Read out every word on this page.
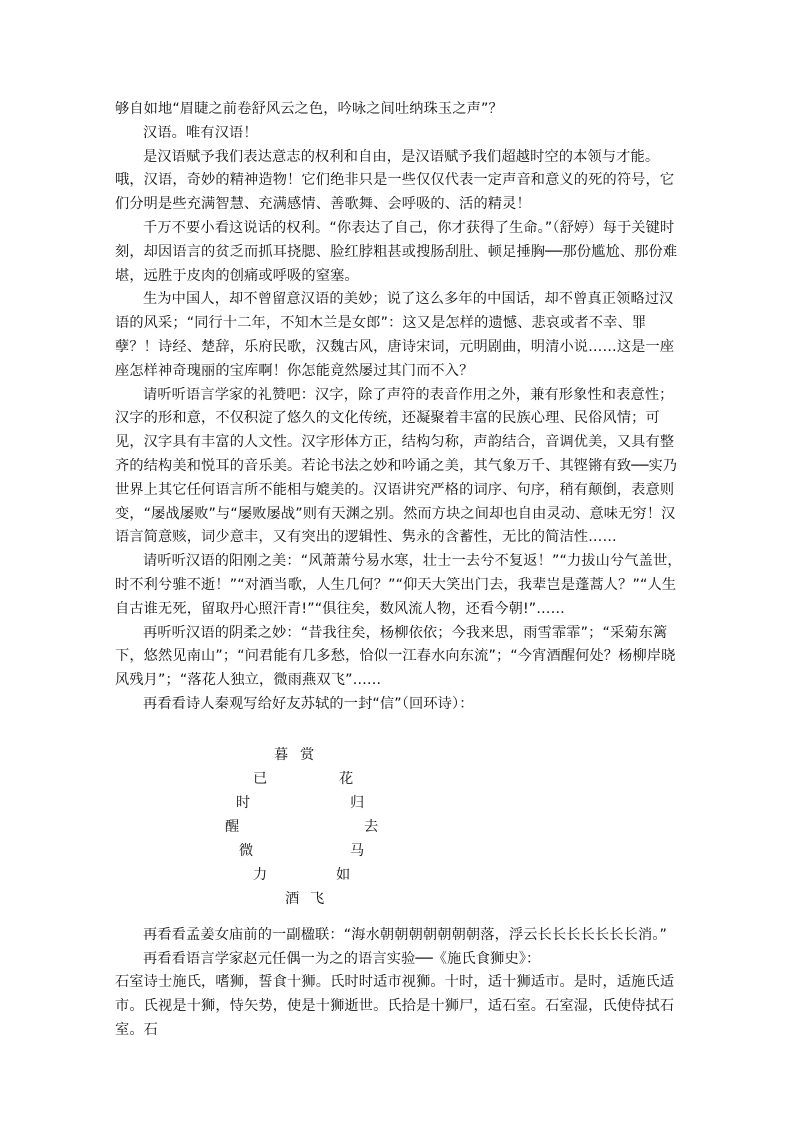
够自如地“眉睫之前卷舒风云之色，吟咏之间吐纳珠玉之声”？

汉语。唯有汉语！

是汉语赋予我们表达意志的权利和自由，是汉语赋予我们超越时空的本领与才能。

哦，汉语，奇妙的精神造物！它们绝非只是一些仅仅代表一定声音和意义的死的符号，它们分明是些充满智慧、充满感情、善歌舞、会呼吸的、活的精灵！

千万不要小看这说话的权利。“你表达了自己，你才获得了生命。”（舒婷）每于关键时刻，却因语言的贫乏而抓耳挠腮、脸红脖粗甚或搜肠刮肚、顿足捶胸──那份尴尬、那份难堪，远胜于皮肉的创痛或呼吸的窒塞。

生为中国人，却不曾留意汉语的美妙；说了这么多年的中国话，却不曾真正领略过汉语的风采；“同行十二年，不知木兰是女郎”：这又是怎样的遗憾、悲哀或者不幸、罪孽？！诗经、楚辞，乐府民歌，汉魏古风，唐诗宋词，元明剧曲，明清小说……这是一座座怎样神奇瑰丽的宝库啊！你怎能竟然屡过其门而不入？

请听听语言学家的礼赞吧：汉字，除了声符的表音作用之外，兼有形象性和表意性；汉字的形和意，不仅积淀了悠久的文化传统，还凝聚着丰富的民族心理、民俗风情；可见，汉字具有丰富的人文性。汉字形体方正，结构匀称，声韵结合，音调优美，又具有整齐的结构美和悦耳的音乐美。若论书法之妙和吟诵之美，其气象万千、其铿锵有致──实乃世界上其它任何语言所不能相与媲美的。汉语讲究严格的词序、句序，稍有颠倒，表意则变，“屡战屡败”与“屡败屡战”则有天渊之别。然而方块之间却也自由灵动、意味无穷！汉语言简意赅，词少意丰，又有突出的逻辑性、隽永的含蓄性，无比的简洁性……

请听听汉语的阳刚之美：“风萧萧兮易水寒，壮士一去兮不复返！”“力拔山兮气盖世，时不利兮骓不逝！”“对酒当歌，人生几何？”“仰天大笑出门去，我辈岂是蓬蒿人？”“人生自古谁无死，留取丹心照汗青!”“俱往矣，数风流人物，还看今朝!”……

再听听汉语的阴柔之妙：“昔我往矣，杨柳依依；今我来思，雨雪霏霏”；“采菊东篱下，悠然见南山”；“问君能有几多愁，恰似一江春水向东流”；“今宵酒醒何处？杨柳岸晓风残月”；“落花人独立，微雨燕双飞”……

再看看诗人秦观写给好友苏轼的一封“信”（回环诗）：

暮 赏
花
归
去
马
如
飞
酒
力
微
醒
时
已

再看看孟姜女庙前的一副楹联：“海水朝朝朝朝朝朝朝落，浮云长长长长长长长消。”

再看看语言学家赵元任偶一为之的语言实验──《施氏食狮史》：

石室诗士施氏，嗜狮，誓食十狮。氏时时适市视狮。十时，适十狮适市。是时，适施氏适市。氏视是十狮，恃矢势，使是十狮逝世。氏拾是十狮尸，适石室。石室湿，氏使侍拭石室。石
